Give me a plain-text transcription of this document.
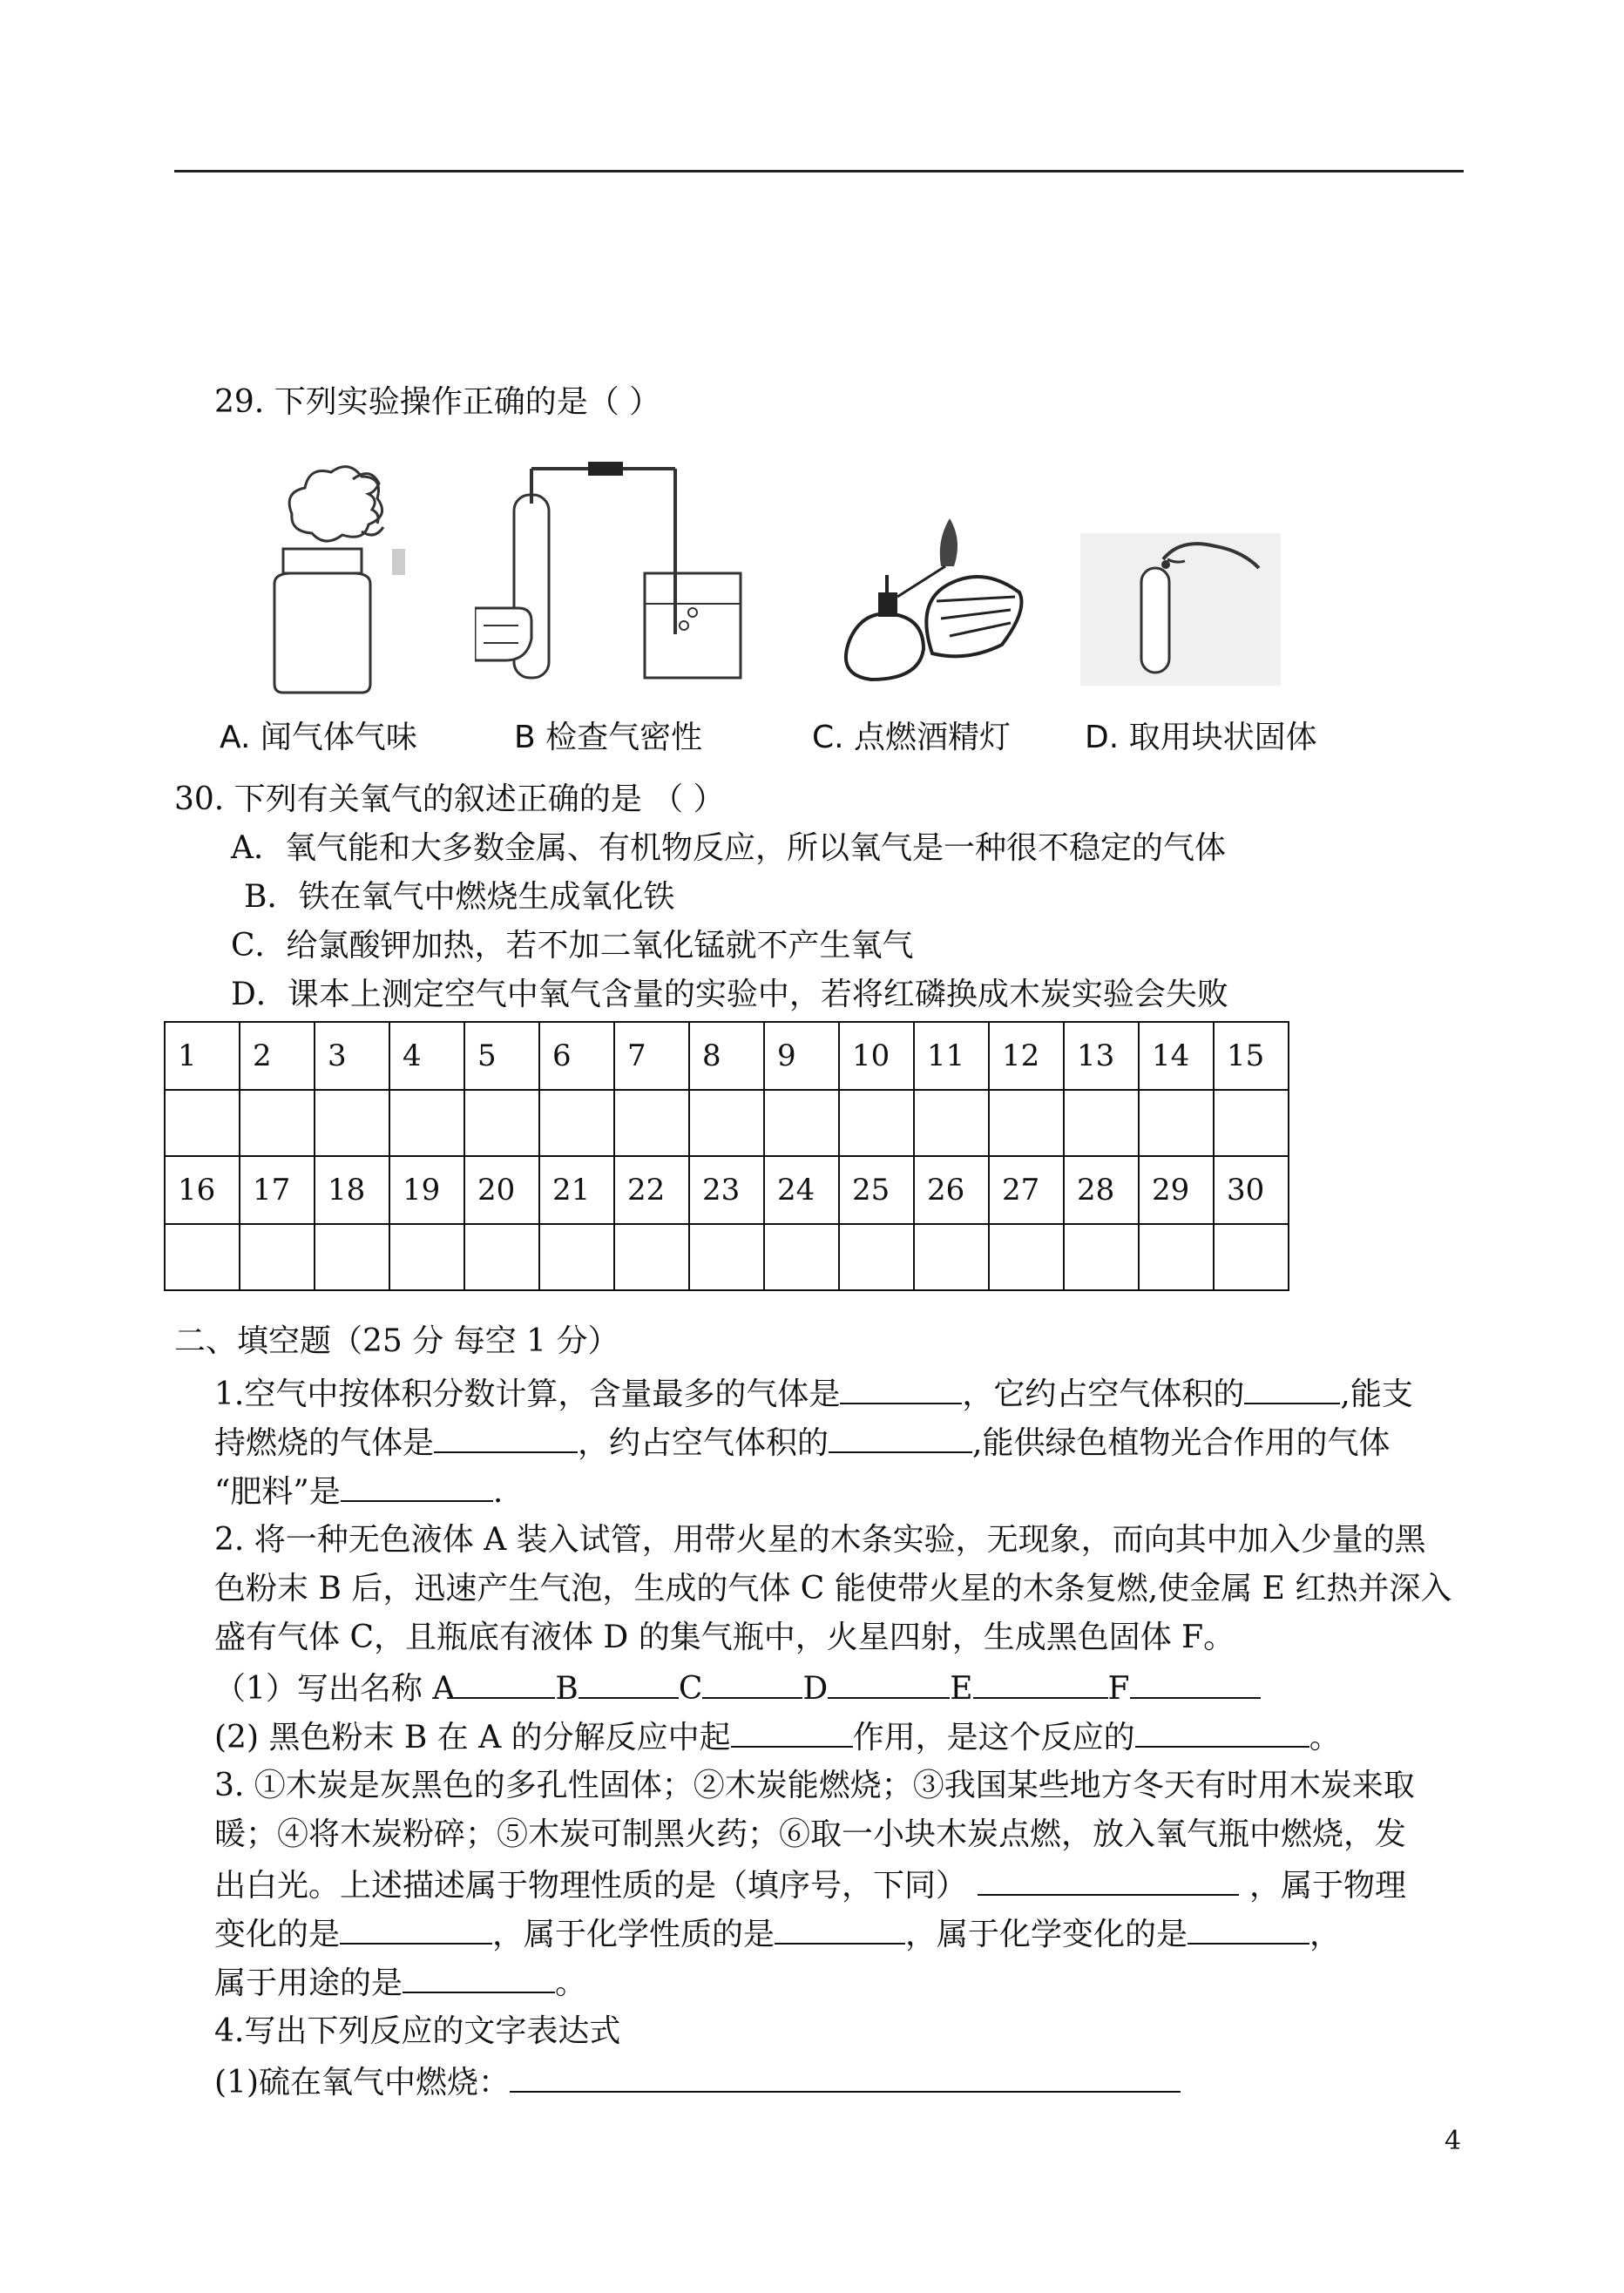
29. 下列实验操作正确的是（ ）
A. 闻气体气味	B 检查气密性	C. 点燃酒精灯 D. 取用块状固体
30. 下列有关氧气的叙述正确的是 （ ）
A．氧气能和大多数金属、有机物反应，所以氧气是一种很不稳定的气体
B．铁在氧气中燃烧生成氧化铁
C．给氯酸钾加热，若不加二氧化锰就不产生氧气
D．课本上测定空气中氧气含量的实验中，若将红磷换成木炭实验会失败
1	2	3	4	5	6	7	8	9	10	11	12	13	14	15

16	17	18	19	20	21	22	23	24	25	26	27	28	29	30

二、填空题（25 分 每空 1 分）
1.空气中按体积分数计算，含量最多的气体是	，它约占空气体积的	,能支
持燃烧的气体是	，约占空气体积的	,能供绿色植物光合作用的气体
“肥料”是	.
2. 将一种无色液体 A 装入试管，用带火星的木条实验，无现象，而向其中加入少量的黑
色粉末 B 后，迅速产生气泡，生成的气体 C 能使带火星的木条复燃,使金属 E 红热并深入
盛有气体 C，且瓶底有液体 D 的集气瓶中，火星四射，生成黑色固体 F。
（1）写出名称 A	B	C	D	E	F
(2) 黑色粉末 B 在 A 的分解反应中起	作用，是这个反应的	。
3. ①木炭是灰黑色的多孔性固体；②木炭能燃烧；③我国某些地方冬天有时用木炭来取
暖；④将木炭粉碎；⑤木炭可制黑火药；⑥取一小块木炭点燃，放入氧气瓶中燃烧，发
出白光。上述描述属于物理性质的是（填序号，下同）	，属于物理
变化的是	，属于化学性质的是	，属于化学变化的是	，
属于用途的是	。
4.写出下列反应的文字表达式
(1)硫在氧气中燃烧：
4
